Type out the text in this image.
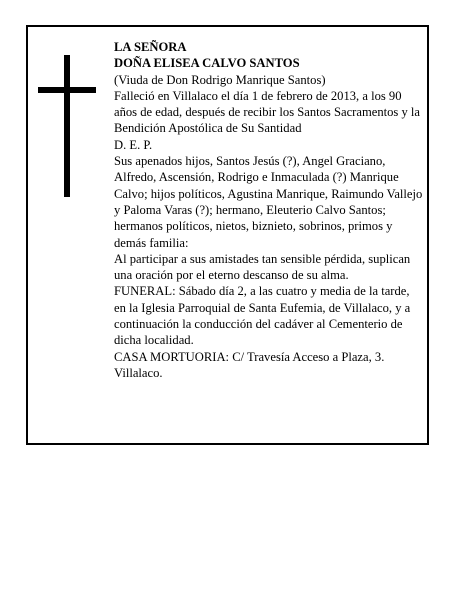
LA SEÑORA

DOÑA ELISEA CALVO SANTOS

(Viuda de Don Rodrigo Manrique Santos)

Falleció en Villalaco el día 1 de febrero de 2013, a los 90 años de edad, después de recibir los Santos Sacramentos y la Bendición Apostólica de Su Santidad

D. E. P.

Sus apenados hijos, Santos Jesús (?), Angel Graciano, Alfredo, Ascensión, Rodrigo e Inmaculada (?) Manrique Calvo; hijos políticos, Agustina Manrique, Raimundo Vallejo y Paloma Varas (?); hermano, Eleuterio Calvo Santos; hermanos políticos, nietos, biznieto, sobrinos, primos y demás familia:

Al participar a sus amistades tan sensible pérdida, suplican una oración por el eterno descanso de su alma.

FUNERAL: Sábado día 2, a las cuatro y media de la tarde, en la Iglesia Parroquial de Santa Eufemia, de Villalaco, y a continuación la conducción del cadáver al Cementerio de dicha localidad.

CASA MORTUORIA: C/ Travesía Acceso a Plaza, 3. Villalaco.
